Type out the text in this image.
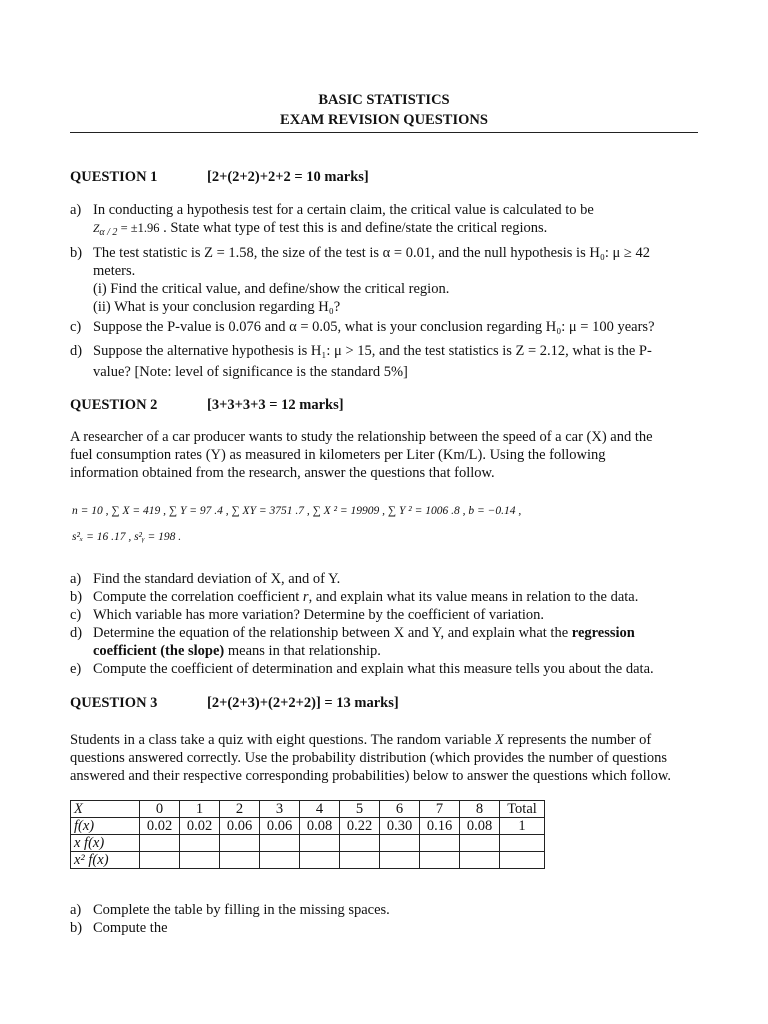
BASIC STATISTICS
EXAM REVISION QUESTIONS
QUESTION 1	[2+(2+2)+2+2 = 10 marks]
a) In conducting a hypothesis test for a certain claim, the critical value is calculated to be
$Z_{\alpha / 2} = \pm 1.96$ . State what type of test this is and define/state the critical regions.
b) The test statistic is Z = 1.58, the size of the test is α = 0.01, and the null hypothesis is H₀: μ ≥ 42
meters.
(i) Find the critical value, and define/show the critical region.
(ii) What is your conclusion regarding H₀?
c) Suppose the P-value is 0.076 and α = 0.05, what is your conclusion regarding H₀: μ = 100 years?
d) Suppose the alternative hypothesis is H₁: μ > 15, and the test statistics is Z = 2.12, what is the P-
value? [Note: level of significance is the standard 5%]
QUESTION 2	[3+3+3+3 = 12 marks]
A researcher of a car producer wants to study the relationship between the speed of a car (X) and the
fuel consumption rates (Y) as measured in kilometers per Liter (Km/L). Using the following
information obtained from the research, answer the questions that follow.
n = 10 , ∑ X = 419 , ∑ Y = 97 .4 , ∑ XY = 3751 .7 , ∑ X ² = 19909 , ∑ Y ² = 1006 .8 , b = −0.14 ,
s²ₓ = 16 .17 , s²ᵧ = 198 .
a) Find the standard deviation of X, and of Y.
b) Compute the correlation coefficient r, and explain what its value means in relation to the data.
c) Which variable has more variation? Determine by the coefficient of variation.
d) Determine the equation of the relationship between X and Y, and explain what the regression
coefficient (the slope) means in that relationship.
e) Compute the coefficient of determination and explain what this measure tells you about the data.
QUESTION 3	[2+(2+3)+(2+2+2)] = 13 marks]
Students in a class take a quiz with eight questions. The random variable X represents the number of
questions answered correctly. Use the probability distribution (which provides the number of questions
answered and their respective corresponding probabilities) below to answer the questions which follow.
X	0	1	2	3	4	5	6	7	8	Total
f(x)	0.02	0.02	0.06	0.06	0.08	0.22	0.30	0.16	0.08	1
x f(x)										
x² f(x)										
a) Complete the table by filling in the missing spaces.
b) Compute the
